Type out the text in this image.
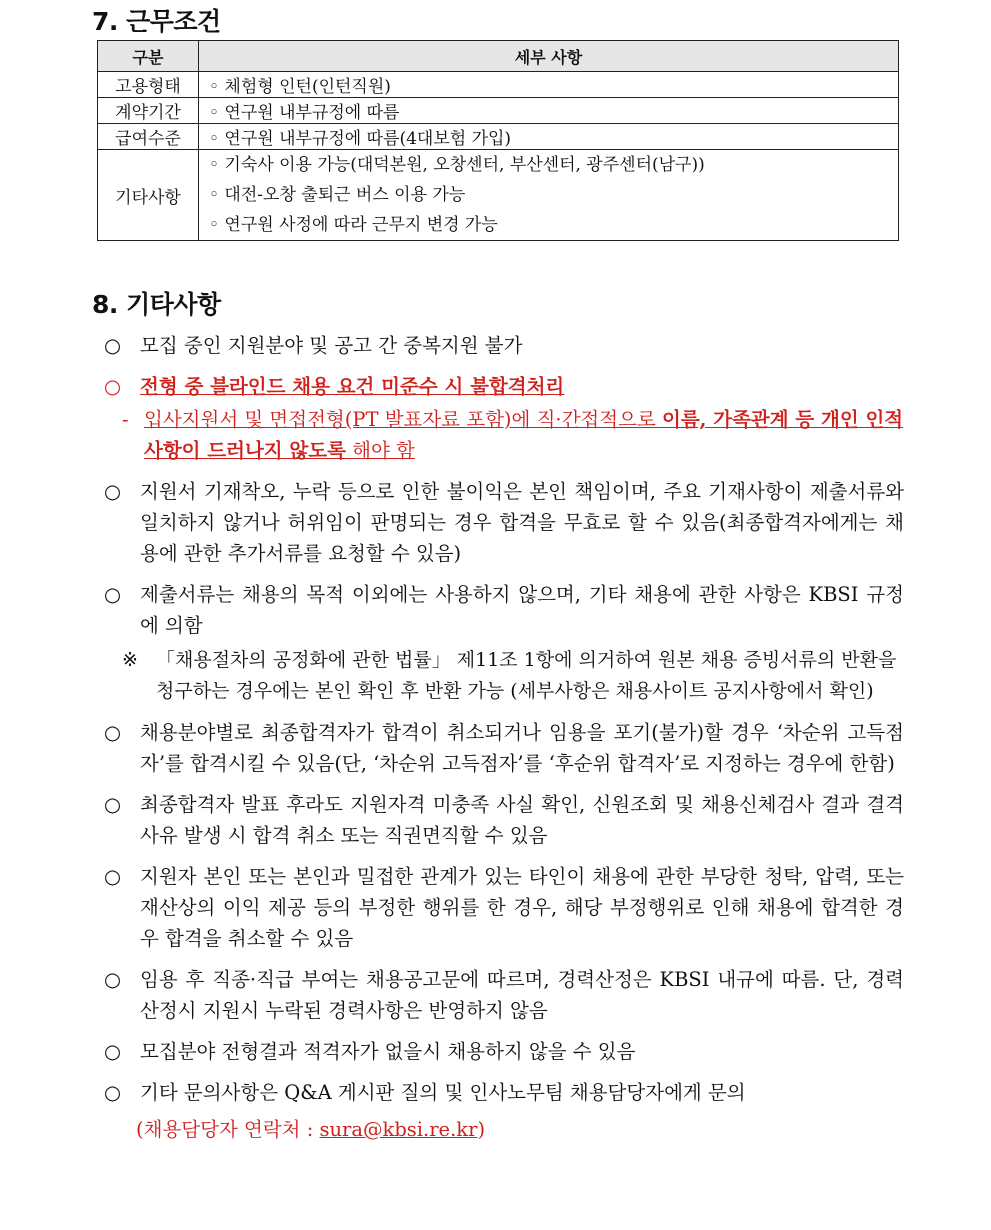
7. 근무조건
구분	세부 사항
고용형태	◦ 체험형 인턴(인턴직원)
계약기간	◦ 연구원 내부규정에 따름
급여수준	◦ 연구원 내부규정에 따름(4대보험 가입)
기타사항	◦ 기숙사 이용 가능(대덕본원, 오창센터, 부산센터, 광주센터(남구))
◦ 대전-오창 출퇴근 버스 이용 가능
◦ 연구원 사정에 따라 근무지 변경 가능
8. 기타사항
○ 모집 중인 지원분야 및 공고 간 중복지원 불가
○ 전형 중 블라인드 채용 요건 미준수 시 불합격처리
- 입사지원서 및 면접전형(PT 발표자료 포함)에 직·간접적으로 이름, 가족관계 등 개인 인적사항이 드러나지 않도록 해야 함
○ 지원서 기재착오, 누락 등으로 인한 불이익은 본인 책임이며, 주요 기재사항이 제출서류와 일치하지 않거나 허위임이 판명되는 경우 합격을 무효로 할 수 있음(최종합격자에게는 채용에 관한 추가서류를 요청할 수 있음)
○ 제출서류는 채용의 목적 이외에는 사용하지 않으며, 기타 채용에 관한 사항은 KBSI 규정에 의함
※ 「채용절차의 공정화에 관한 법률」 제11조 1항에 의거하여 원본 채용 증빙서류의 반환을 청구하는 경우에는 본인 확인 후 반환 가능 (세부사항은 채용사이트 공지사항에서 확인)
○ 채용분야별로 최종합격자가 합격이 취소되거나 임용을 포기(불가)할 경우 ‘차순위 고득점자’를 합격시킬 수 있음(단, ‘차순위 고득점자’를 ‘후순위 합격자’로 지정하는 경우에 한함)
○ 최종합격자 발표 후라도 지원자격 미충족 사실 확인, 신원조회 및 채용신체검사 결과 결격사유 발생 시 합격 취소 또는 직권면직할 수 있음
○ 지원자 본인 또는 본인과 밀접한 관계가 있는 타인이 채용에 관한 부당한 청탁, 압력, 또는 재산상의 이익 제공 등의 부정한 행위를 한 경우, 해당 부정행위로 인해 채용에 합격한 경우 합격을 취소할 수 있음
○ 임용 후 직종·직급 부여는 채용공고문에 따르며, 경력산정은 KBSI 내규에 따름. 단, 경력산정시 지원시 누락된 경력사항은 반영하지 않음
○ 모집분야 전형결과 적격자가 없을시 채용하지 않을 수 있음
○ 기타 문의사항은 Q&A 게시판 질의 및 인사노무팀 채용담당자에게 문의
(채용담당자 연락처 : sura@kbsi.re.kr)
